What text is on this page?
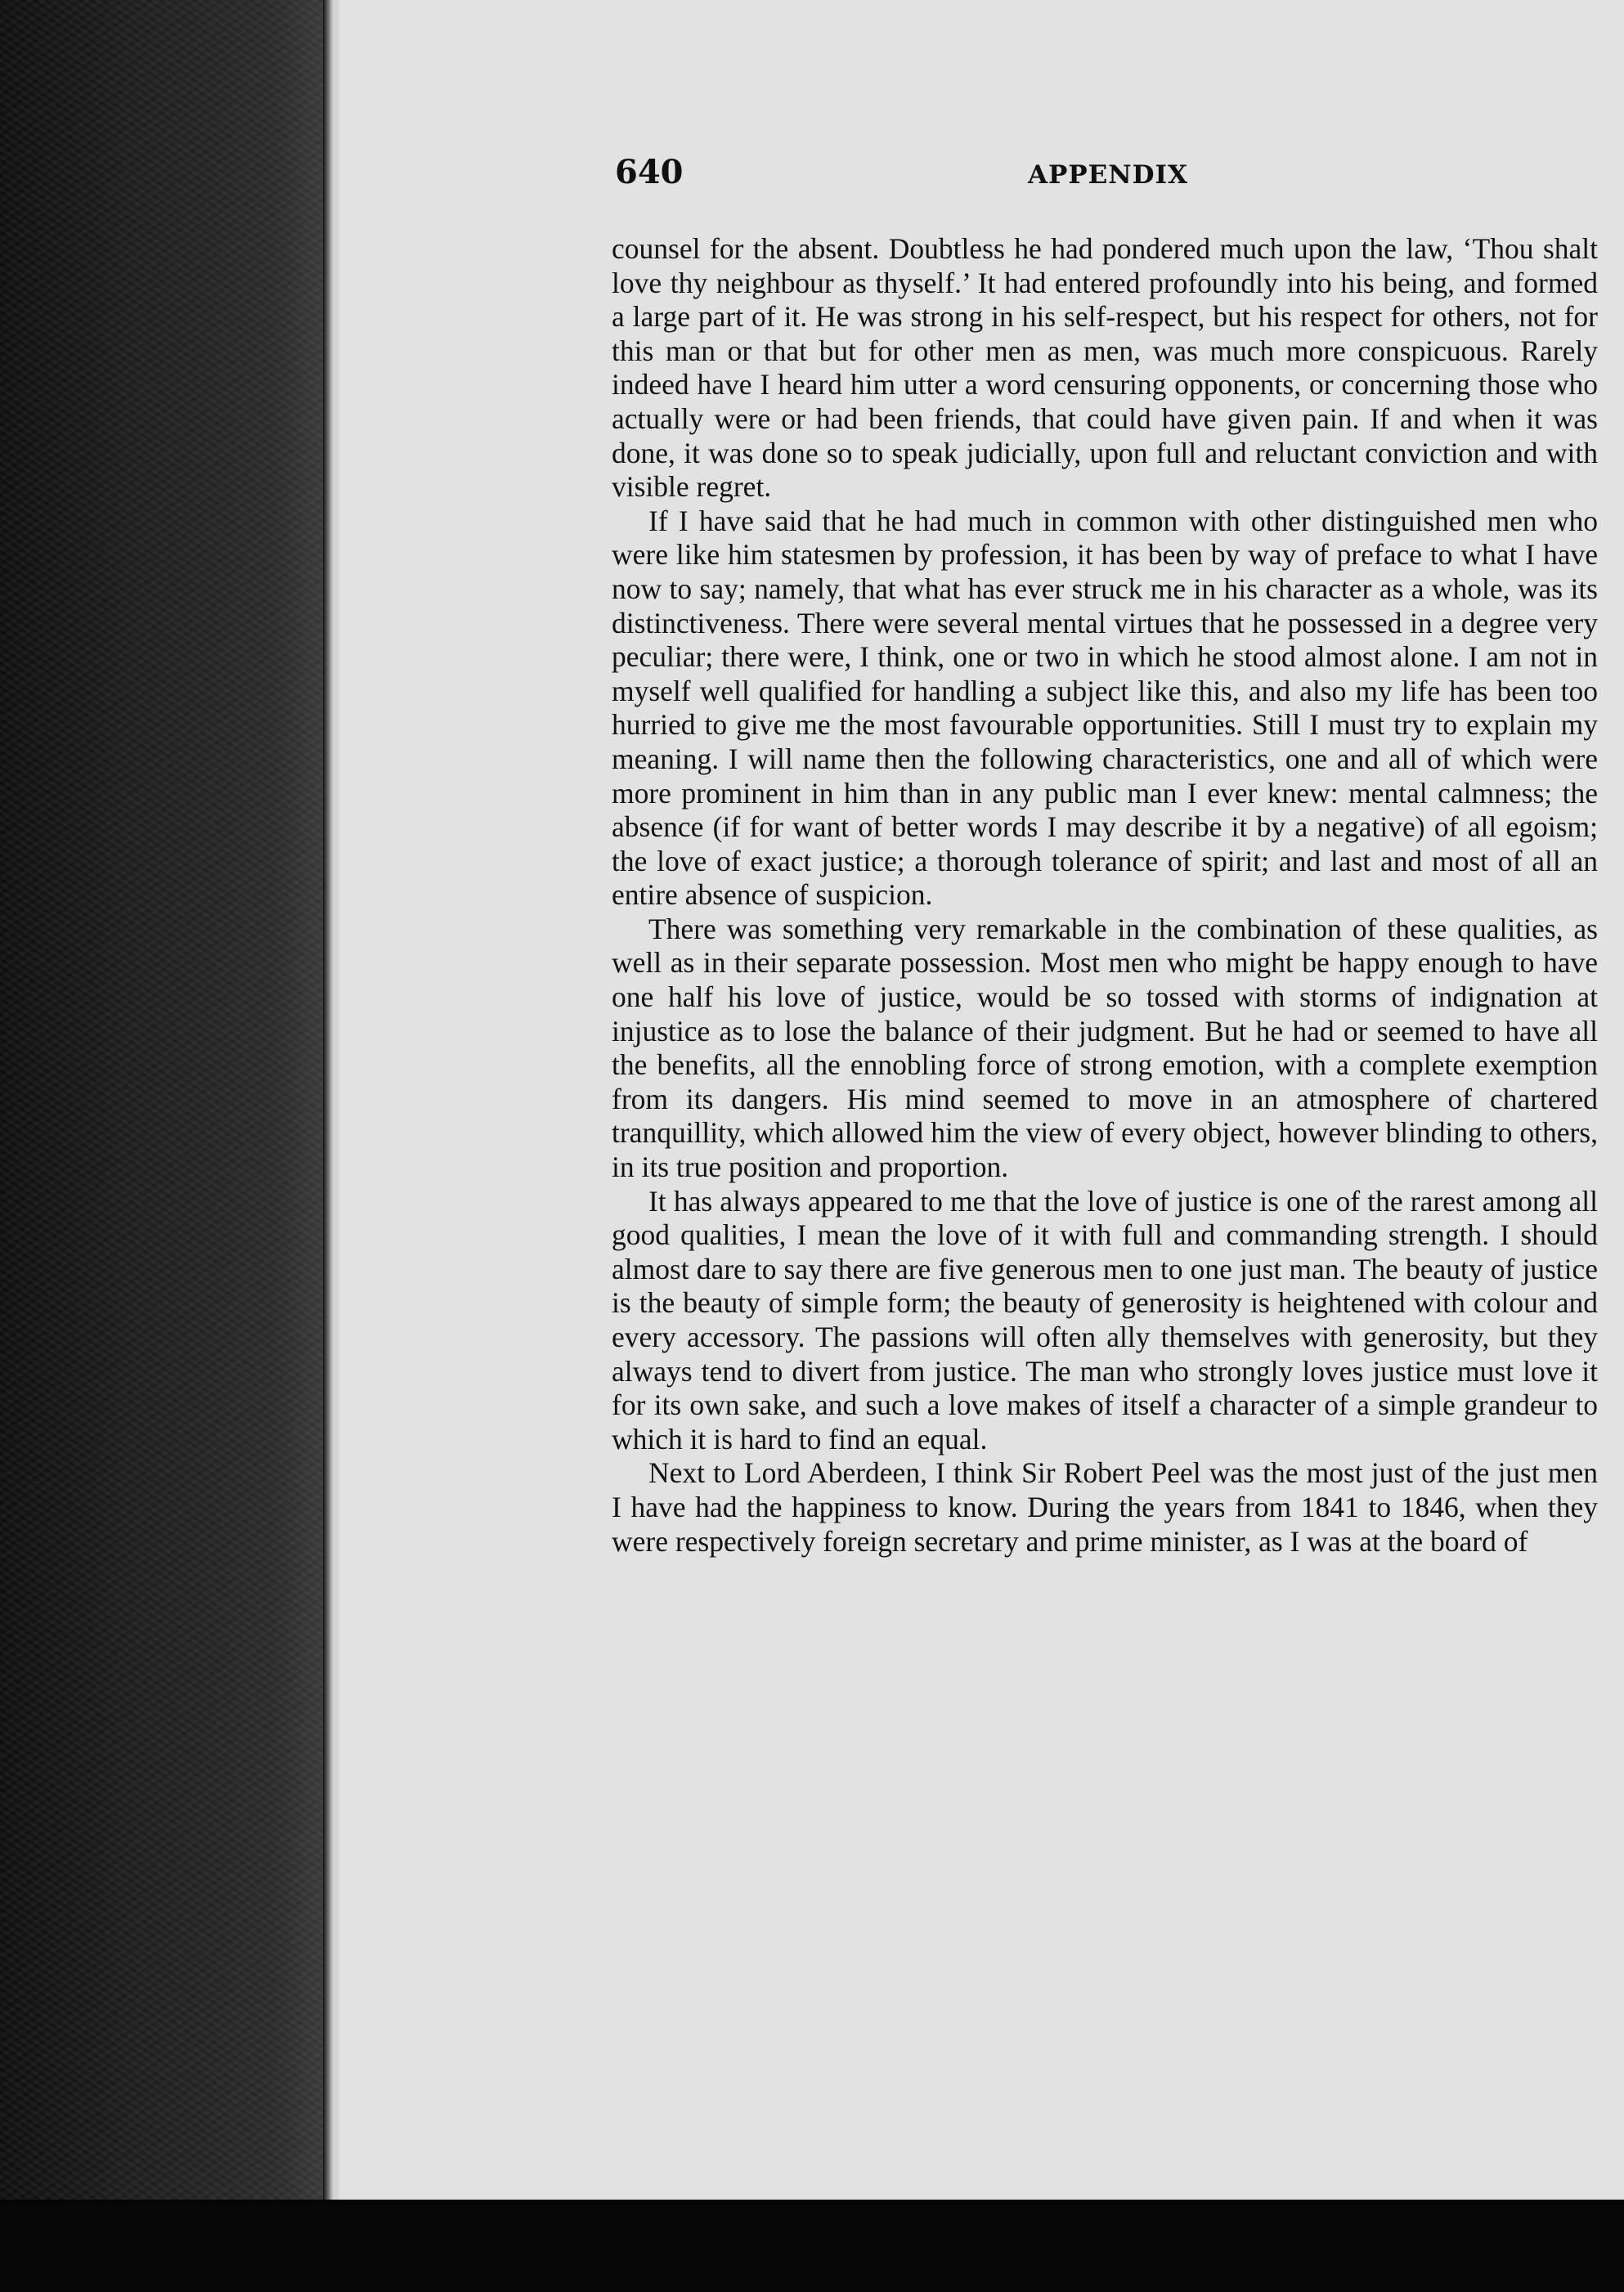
640	APPENDIX

counsel for the absent. Doubtless he had pondered much upon the law, ‘Thou shalt love thy neighbour as thyself.’ It had entered profoundly into his being, and formed a large part of it. He was strong in his self-respect, but his respect for others, not for this man or that but for other men as men, was much more conspicuous. Rarely indeed have I heard him utter a word censuring opponents, or concerning those who actually were or had been friends, that could have given pain. If and when it was done, it was done so to speak judicially, upon full and reluctant conviction and with visible regret.

If I have said that he had much in common with other distinguished men who were like him statesmen by profession, it has been by way of preface to what I have now to say; namely, that what has ever struck me in his character as a whole, was its distinctiveness. There were several mental virtues that he possessed in a degree very peculiar; there were, I think, one or two in which he stood almost alone. I am not in myself well qualified for handling a subject like this, and also my life has been too hurried to give me the most favourable opportunities. Still I must try to explain my meaning. I will name then the following characteristics, one and all of which were more prominent in him than in any public man I ever knew: mental calmness; the absence (if for want of better words I may describe it by a negative) of all egoism; the love of exact justice; a thorough tolerance of spirit; and last and most of all an entire absence of suspicion.

There was something very remarkable in the combination of these qualities, as well as in their separate possession. Most men who might be happy enough to have one half his love of justice, would be so tossed with storms of indignation at injustice as to lose the balance of their judgment. But he had or seemed to have all the benefits, all the ennobling force of strong emotion, with a complete exemption from its dangers. His mind seemed to move in an atmosphere of chartered tranquillity, which allowed him the view of every object, however blinding to others, in its true position and proportion.

It has always appeared to me that the love of justice is one of the rarest among all good qualities, I mean the love of it with full and commanding strength. I should almost dare to say there are five generous men to one just man. The beauty of justice is the beauty of simple form; the beauty of generosity is heightened with colour and every accessory. The passions will often ally themselves with generosity, but they always tend to divert from justice. The man who strongly loves justice must love it for its own sake, and such a love makes of itself a character of a simple grandeur to which it is hard to find an equal.

Next to Lord Aberdeen, I think Sir Robert Peel was the most just of the just men I have had the happiness to know. During the years from 1841 to 1846, when they were respectively foreign secretary and prime minister, as I was at the board of
